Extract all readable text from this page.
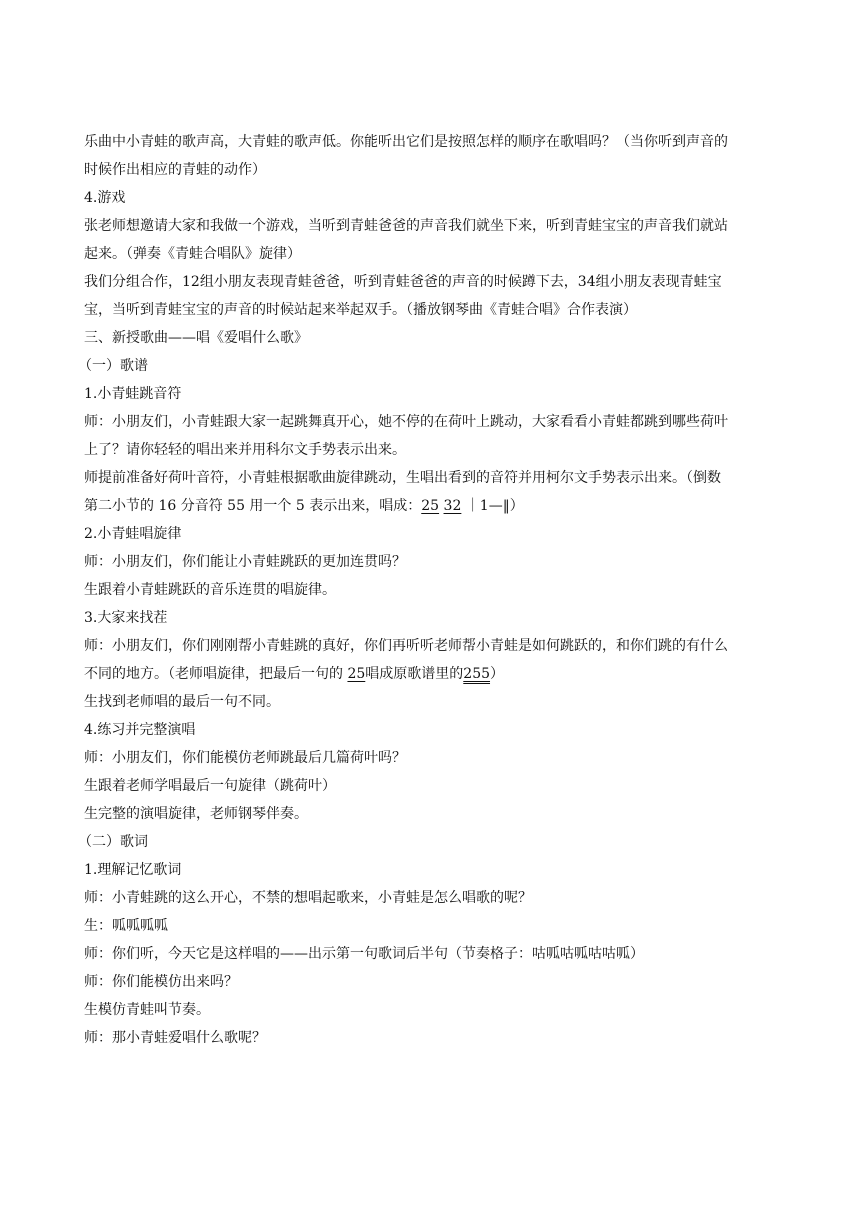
乐曲中小青蛙的歌声高，大青蛙的歌声低。你能听出它们是按照怎样的顺序在歌唱吗？（当你听到声音的
时候作出相应的青蛙的动作）
4.游戏
张老师想邀请大家和我做一个游戏，当听到青蛙爸爸的声音我们就坐下来，听到青蛙宝宝的声音我们就站
起来。（弹奏《青蛙合唱队》旋律）
我们分组合作，12组小朋友表现青蛙爸爸，听到青蛙爸爸的声音的时候蹲下去，34组小朋友表现青蛙宝
宝，当听到青蛙宝宝的声音的时候站起来举起双手。（播放钢琴曲《青蛙合唱》合作表演）
三、新授歌曲——唱《爱唱什么歌》
（一）歌谱
1.小青蛙跳音符
师：小朋友们，小青蛙跟大家一起跳舞真开心，她不停的在荷叶上跳动，大家看看小青蛙都跳到哪些荷叶
上了？请你轻轻的唱出来并用科尔文手势表示出来。
师提前准备好荷叶音符，小青蛙根据歌曲旋律跳动，生唱出看到的音符并用柯尔文手势表示出来。（倒数
第二小节的 16 分音符 55 用一个 5 表示出来，唱成：25 32 ｜1—‖）
2.小青蛙唱旋律
师：小朋友们，你们能让小青蛙跳跃的更加连贯吗？
生跟着小青蛙跳跃的音乐连贯的唱旋律。
3.大家来找茬
师：小朋友们，你们刚刚帮小青蛙跳的真好，你们再听听老师帮小青蛙是如何跳跃的，和你们跳的有什么
不同的地方。（老师唱旋律，把最后一句的 25唱成原歌谱里的255）
生找到老师唱的最后一句不同。
4.练习并完整演唱
师：小朋友们，你们能模仿老师跳最后几篇荷叶吗？
生跟着老师学唱最后一句旋律（跳荷叶）
生完整的演唱旋律，老师钢琴伴奏。
（二）歌词
1.理解记忆歌词
师：小青蛙跳的这么开心，不禁的想唱起歌来，小青蛙是怎么唱歌的呢？
生：呱呱呱呱
师：你们听，今天它是这样唱的——出示第一句歌词后半句（节奏格子：咕呱咕呱咕咕呱）
师：你们能模仿出来吗？
生模仿青蛙叫节奏。
师：那小青蛙爱唱什么歌呢？
